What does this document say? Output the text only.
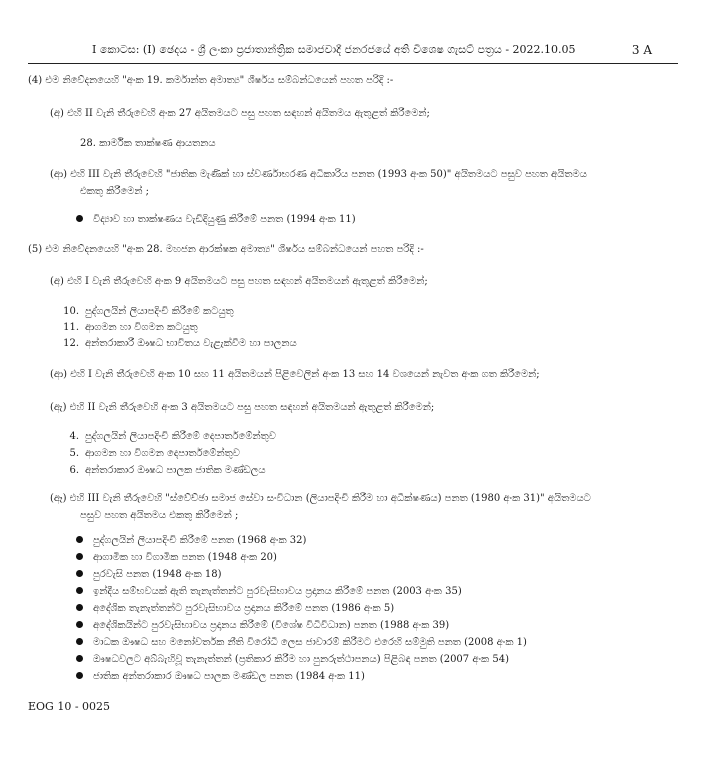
I කොටස: (I) ඡෙදය - ශ්‍රී ලංකා ප්‍රජාතාන්ත්‍රික සමාජවාදී ජනරජයේ අති විශෙෂ ගැසට් පත්‍රය - 2022.10.05	3 A
(4) එම නිවේදනයෙහි "අංක 19. කර්මාන්ත අමාත්‍ය" ශීර්ෂය සම්බන්ධයෙන් පහත පරිදි :-
(අ) එහි II වැනි තීරුවෙහි අංක 27 අයිතමයට පසු පහත සඳහන් අයිතමය ඇතුළත් කිරීමෙන්;
28. කාර්මික තාක්ෂණ ආයතනය
(ආ) එහි III වැනි තීරුවෙහි "ජාතික මැණික් හා ස්වර්ණාභරණ අධිකාරිය පනත (1993 අංක 50)" අයිතමයට පසුව පහත අයිතමය
එකතු කිරීමෙන් ;
විද්‍යාව හා තාක්ෂණය වැඩිදියුණු කිරීමේ පනත (1994 අංක 11)
(5) එම නිවේදනයෙහි "අංක 28. මහජන ආරක්ෂක අමාත්‍ය" ශීර්ෂය සම්බන්ධයෙන් පහත පරිදි :-
(අ) එහි I වැනි තීරුවෙහි අංක 9 අයිතමයට පසු පහත සඳහන් අයිතමයන් ඇතුළත් කිරීමෙන්;
10. පුද්ගලයින් ලියාපදිංචි කිරීමේ කටයුතු
11. ආගමන හා විගමන කටයුතු
12. අන්තරාකාරී ඖෂධ භාවිතය වැළැක්වීම හා පාලනය
(ආ) එහි I වැනි තීරුවෙහි අංක 10 සහ 11 අයිතමයන් පිළිවෙලින් අංක 13 සහ 14 වශයෙන් නැවත අංක ගත කිරීමෙන්;
(ඇ) එහි II වැනි තීරුවෙහි අංක 3 අයිතමයට පසු පහත සඳහන් අයිතමයන් ඇතුළත් කිරීමෙන්;
4. පුද්ගලයින් ලියාපදිංචි කිරීමේ දෙපාර්තමේන්තුව
5. ආගමන හා විගමන දෙපාර්තමේන්තුව
6. අන්තරාකාර ඖෂධ පාලක ජාතික මණ්ඩලය
(ඈ) එහි III වැනි තීරුවෙහි "ස්වේච්ඡා සමාජ සේවා සංවිධාන (ලියාපදිංචි කිරීම හා අධීක්ෂණය) පනත (1980 අංක 31)" අයිතමයට
පසුව පහත අයිතමය එකතු කිරීමෙන් ;
පුද්ගලයින් ලියාපදිංචි කිරීමේ පනත (1968 අංක 32)
ආගාමික හා විගාමික පනත (1948 අංක 20)
පුරවැසි පනත (1948 අංක 18)
ඉන්දීය සම්භවයක් ඇති තැනැත්තන්ට පුරවැසිභාවය ප්‍රදානය කිරීමේ පනත (2003 අංක 35)
අදේශික තැනැත්තන්ට පුරවැසිභාවය ප්‍රදානය කිරීමේ පනත (1986 අංක 5)
අදේශිකයින්ට පුරවැසිභාවය ප්‍රදානය කිරීමේ (විශේෂ විධිවිධාන) පනත (1988 අංක 39)
මාධක ඖෂධ සහ මනෝවර්තක නීති විරෝධී ලෙස ජාවාරම් කිරීමට එරෙහි සම්මුති පනත (2008 අංක 1)
ඖෂධවලට අබ්බැහිවූ තැනැත්තන් (ප්‍රතිකාර කිරීම හා පුනරුත්ථාපනය) පිළිබඳ පනත (2007 අංක 54)
ජාතික අන්තරාකාර ඖෂධ පාලක මණ්ඩල පනත (1984 අංක 11)
EOG 10 - 0025
